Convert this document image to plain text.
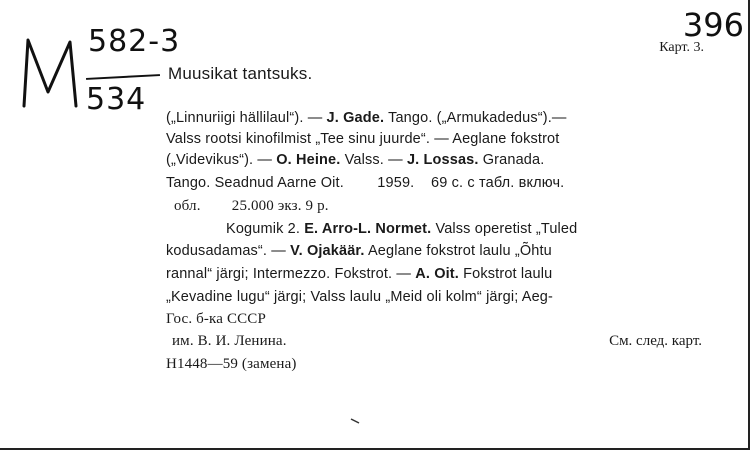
582-3
534
396
Карт. 3.
Muusikat tantsuks.
(„Linnuriigi hällilaul“). — J. Gade. Tango. („Armukadedus“).—
Valss rootsi kinofilmist „Tee sinu juurde“. — Aeglane fokstrot
(„Videvikus“). — O. Heine. Valss. — J. Lossas. Granada.
Tango. Seadnud Aarne Oit.        1959.    69 с. с табл. включ.
обл.        25.000 экз. 9 р.
Kogumik 2. E. Arro-L. Normet. Valss operetist „Tuled
kodusadamas“. — V. Ojakäär. Aeglane fokstrot laulu „Õhtu
rannal“ järgi; Intermezzo. Fokstrot. — A. Oit. Fokstrot laulu
„Kevadine lugu“ järgi; Valss laulu „Meid oli kolm“ järgi; Aeg-
Гос. б-ка СССР
им. В. И. Ленина.	См. след. карт.
Н1448—59 (замена)
